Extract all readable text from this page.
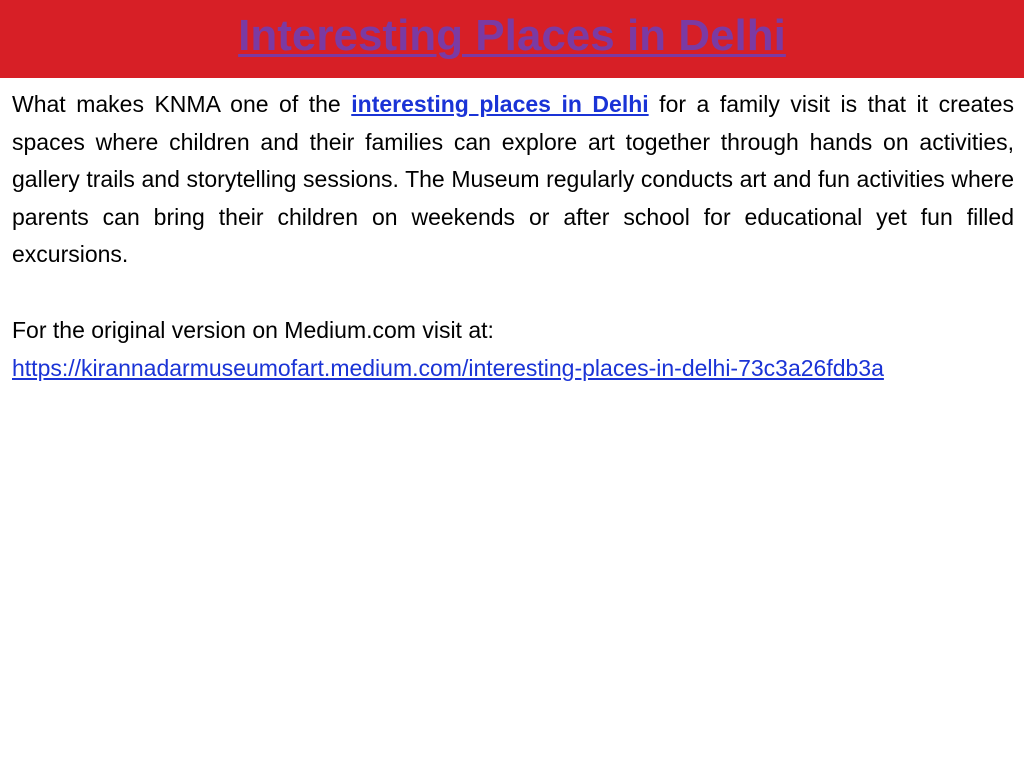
Interesting Places in Delhi

What makes KNMA one of the interesting places in Delhi for a family visit is that it creates spaces where children and their families can explore art together through hands on activities, gallery trails and storytelling sessions. The Museum regularly conducts art and fun activities where parents can bring their children on weekends or after school for educational yet fun filled excursions.

For the original version on Medium.com visit at:

https://kirannadarmuseumofart.medium.com/interesting-places-in-delhi-73c3a26fdb3a
